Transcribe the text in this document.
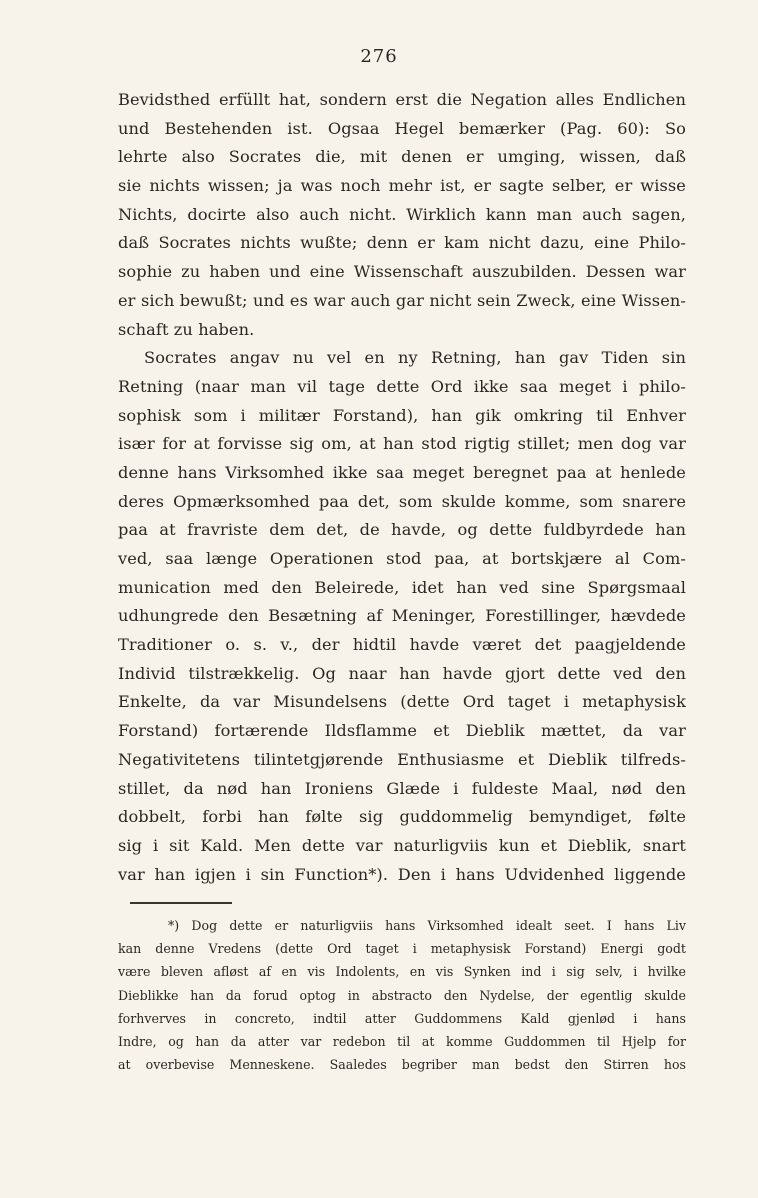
276
Bevidsthed erfüllt hat, sondern erst die Negation alles Endlichen
und Bestehenden ist. Ogsaa Hegel bemærker (Pag. 60): So
lehrte also Socrates die, mit denen er umging, wissen, daß
sie nichts wissen; ja was noch mehr ist, er sagte selber, er wisse
Nichts, docirte also auch nicht. Wirklich kann man auch sagen,
daß Socrates nichts wußte; denn er kam nicht dazu, eine Philo-
sophie zu haben und eine Wissenschaft auszubilden. Dessen war
er sich bewußt; und es war auch gar nicht sein Zweck, eine Wissen-
schaft zu haben.
Socrates angav nu vel en ny Retning, han gav Tiden sin
Retning (naar man vil tage dette Ord ikke saa meget i philo-
sophisk som i militær Forstand), han gik omkring til Enhver
især for at forvisse sig om, at han stod rigtig stillet; men dog var
denne hans Virksomhed ikke saa meget beregnet paa at henlede
deres Opmærksomhed paa det, som skulde komme, som snarere
paa at fravriste dem det, de havde, og dette fuldbyrdede han
ved, saa længe Operationen stod paa, at bortskjære al Com-
munication med den Beleirede, idet han ved sine Spørgsmaal
udhungrede den Besætning af Meninger, Forestillinger, hævdede
Traditioner o. s. v., der hidtil havde været det paagjeldende
Individ tilstrækkelig. Og naar han havde gjort dette ved den
Enkelte, da var Misundelsens (dette Ord taget i metaphysisk
Forstand) fortærende Ildsflamme et Dieblik mættet, da var
Negativitetens tilintetgjørende Enthusiasme et Dieblik tilfreds-
stillet, da nød han Ironiens Glæde i fuldeste Maal, nød den
dobbelt, forbi han følte sig guddommelig bemyndiget, følte
sig i sit Kald. Men dette var naturligviis kun et Dieblik, snart
var han igjen i sin Function*). Den i hans Udvidenhed liggende
*) Dog dette er naturligviis hans Virksomhed idealt seet. I hans Liv
kan denne Vredens (dette Ord taget i metaphysisk Forstand) Energi godt
være bleven afløst af en vis Indolents, en vis Synken ind i sig selv, i hvilke
Dieblikke han da forud optog in abstracto den Nydelse, der egentlig skulde
forhverves in concreto, indtil atter Guddommens Kald gjenlød i hans
Indre, og han da atter var redebon til at komme Guddommen til Hjelp for
at overbevise Menneskene. Saaledes begriber man bedst den Stirren hos
